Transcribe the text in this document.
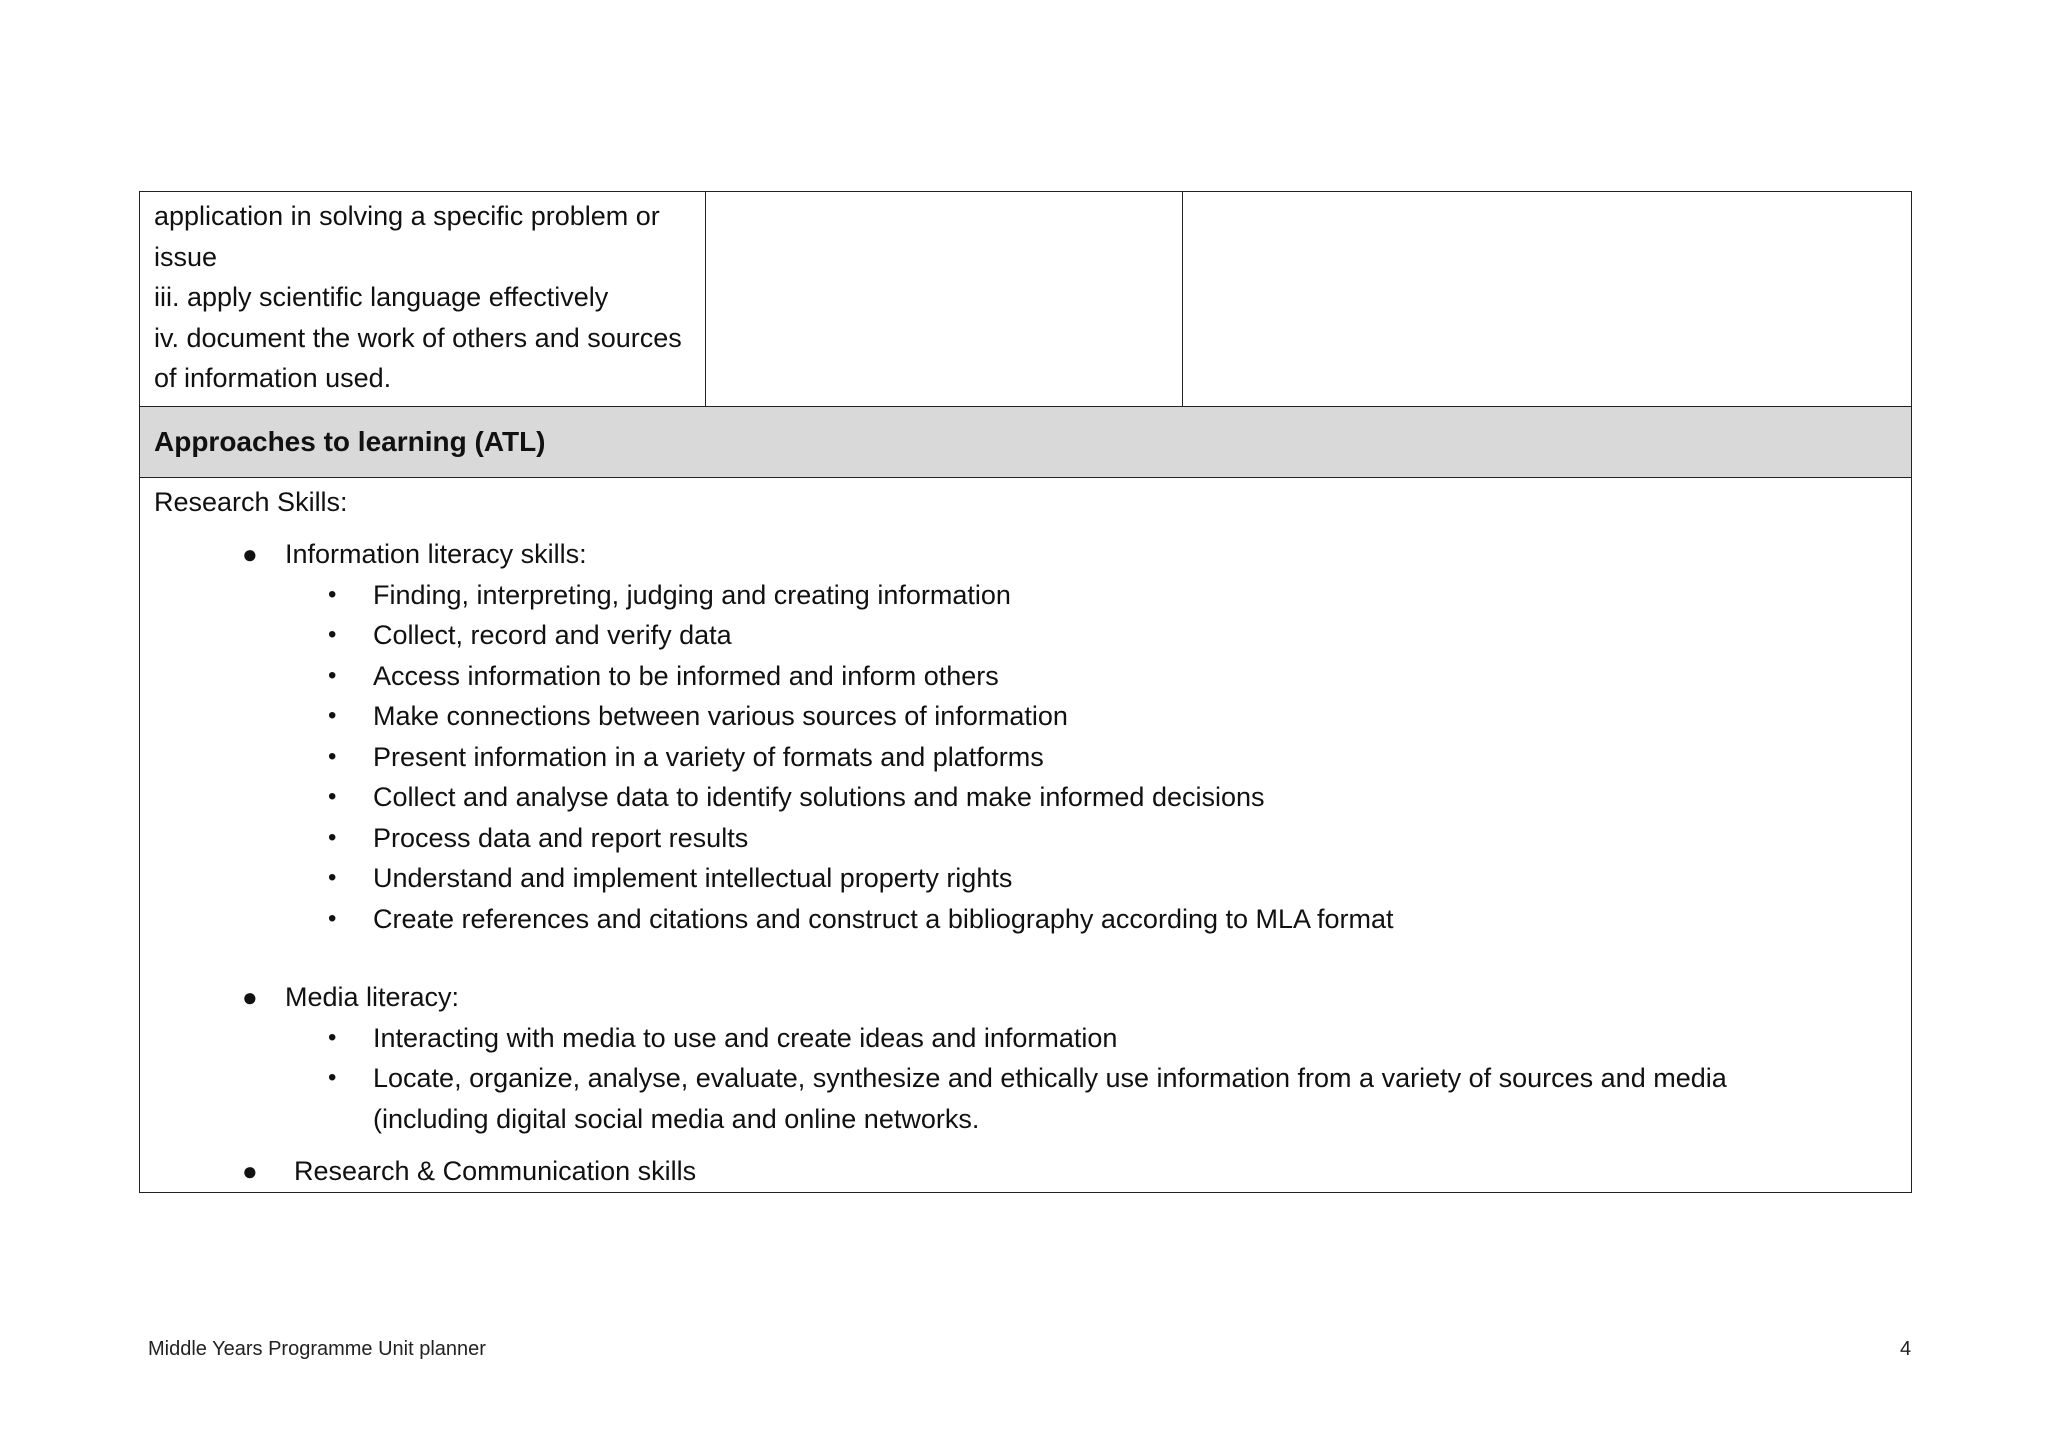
application in solving a specific problem or
issue
iii. apply scientific language effectively
iv. document the work of others and sources
of information used.

Approaches to learning (ATL)

Research Skills:
●	Information literacy skills:
• Finding, interpreting, judging and creating information
• Collect, record and verify data
• Access information to be informed and inform others
• Make connections between various sources of information
• Present information in a variety of formats and platforms
• Collect and analyse data to identify solutions and make informed decisions
• Process data and report results
• Understand and implement intellectual property rights
• Create references and citations and construct a bibliography according to MLA format
●	Media literacy:
• Interacting with media to use and create ideas and information
• Locate, organize, analyse, evaluate, synthesize and ethically use information from a variety of sources and media (including digital social media and online networks.
●	Research & Communication skills
Middle Years Programme Unit planner	4
